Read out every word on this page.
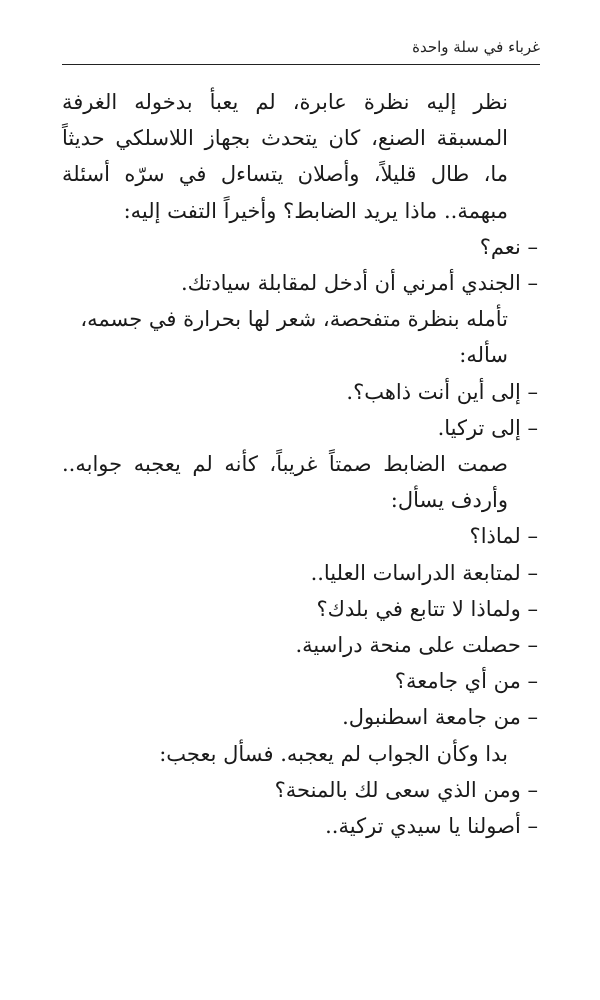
غرباء في سلة واحدة

نظر إليه نظرة عابرة، لم يعبأ بدخوله الغرفة المسبقة الصنع، كان يتحدث بجهاز اللاسلكي حديثاً ما، طال قليلاً، وأصلان يتساءل في سرّه أسئلة مبهمة.. ماذا يريد الضابط؟ وأخيراً التفت إليه:

– نعم؟

– الجندي أمرني أن أدخل لمقابلة سيادتك.

تأمله بنظرة متفحصة، شعر لها بحرارة في جسمه، سأله:

– إلى أين أنت ذاهب؟.

– إلى تركيا.

صمت الضابط صمتاً غريباً، كأنه لم يعجبه جوابه.. وأردف يسأل:

– لماذا؟

– لمتابعة الدراسات العليا..

– ولماذا لا تتابع في بلدك؟

– حصلت على منحة دراسية.

– من أي جامعة؟

– من جامعة اسطنبول.

بدا وكأن الجواب لم يعجبه. فسأل بعجب:

– ومن الذي سعى لك بالمنحة؟

– أصولنا يا سيدي تركية..
